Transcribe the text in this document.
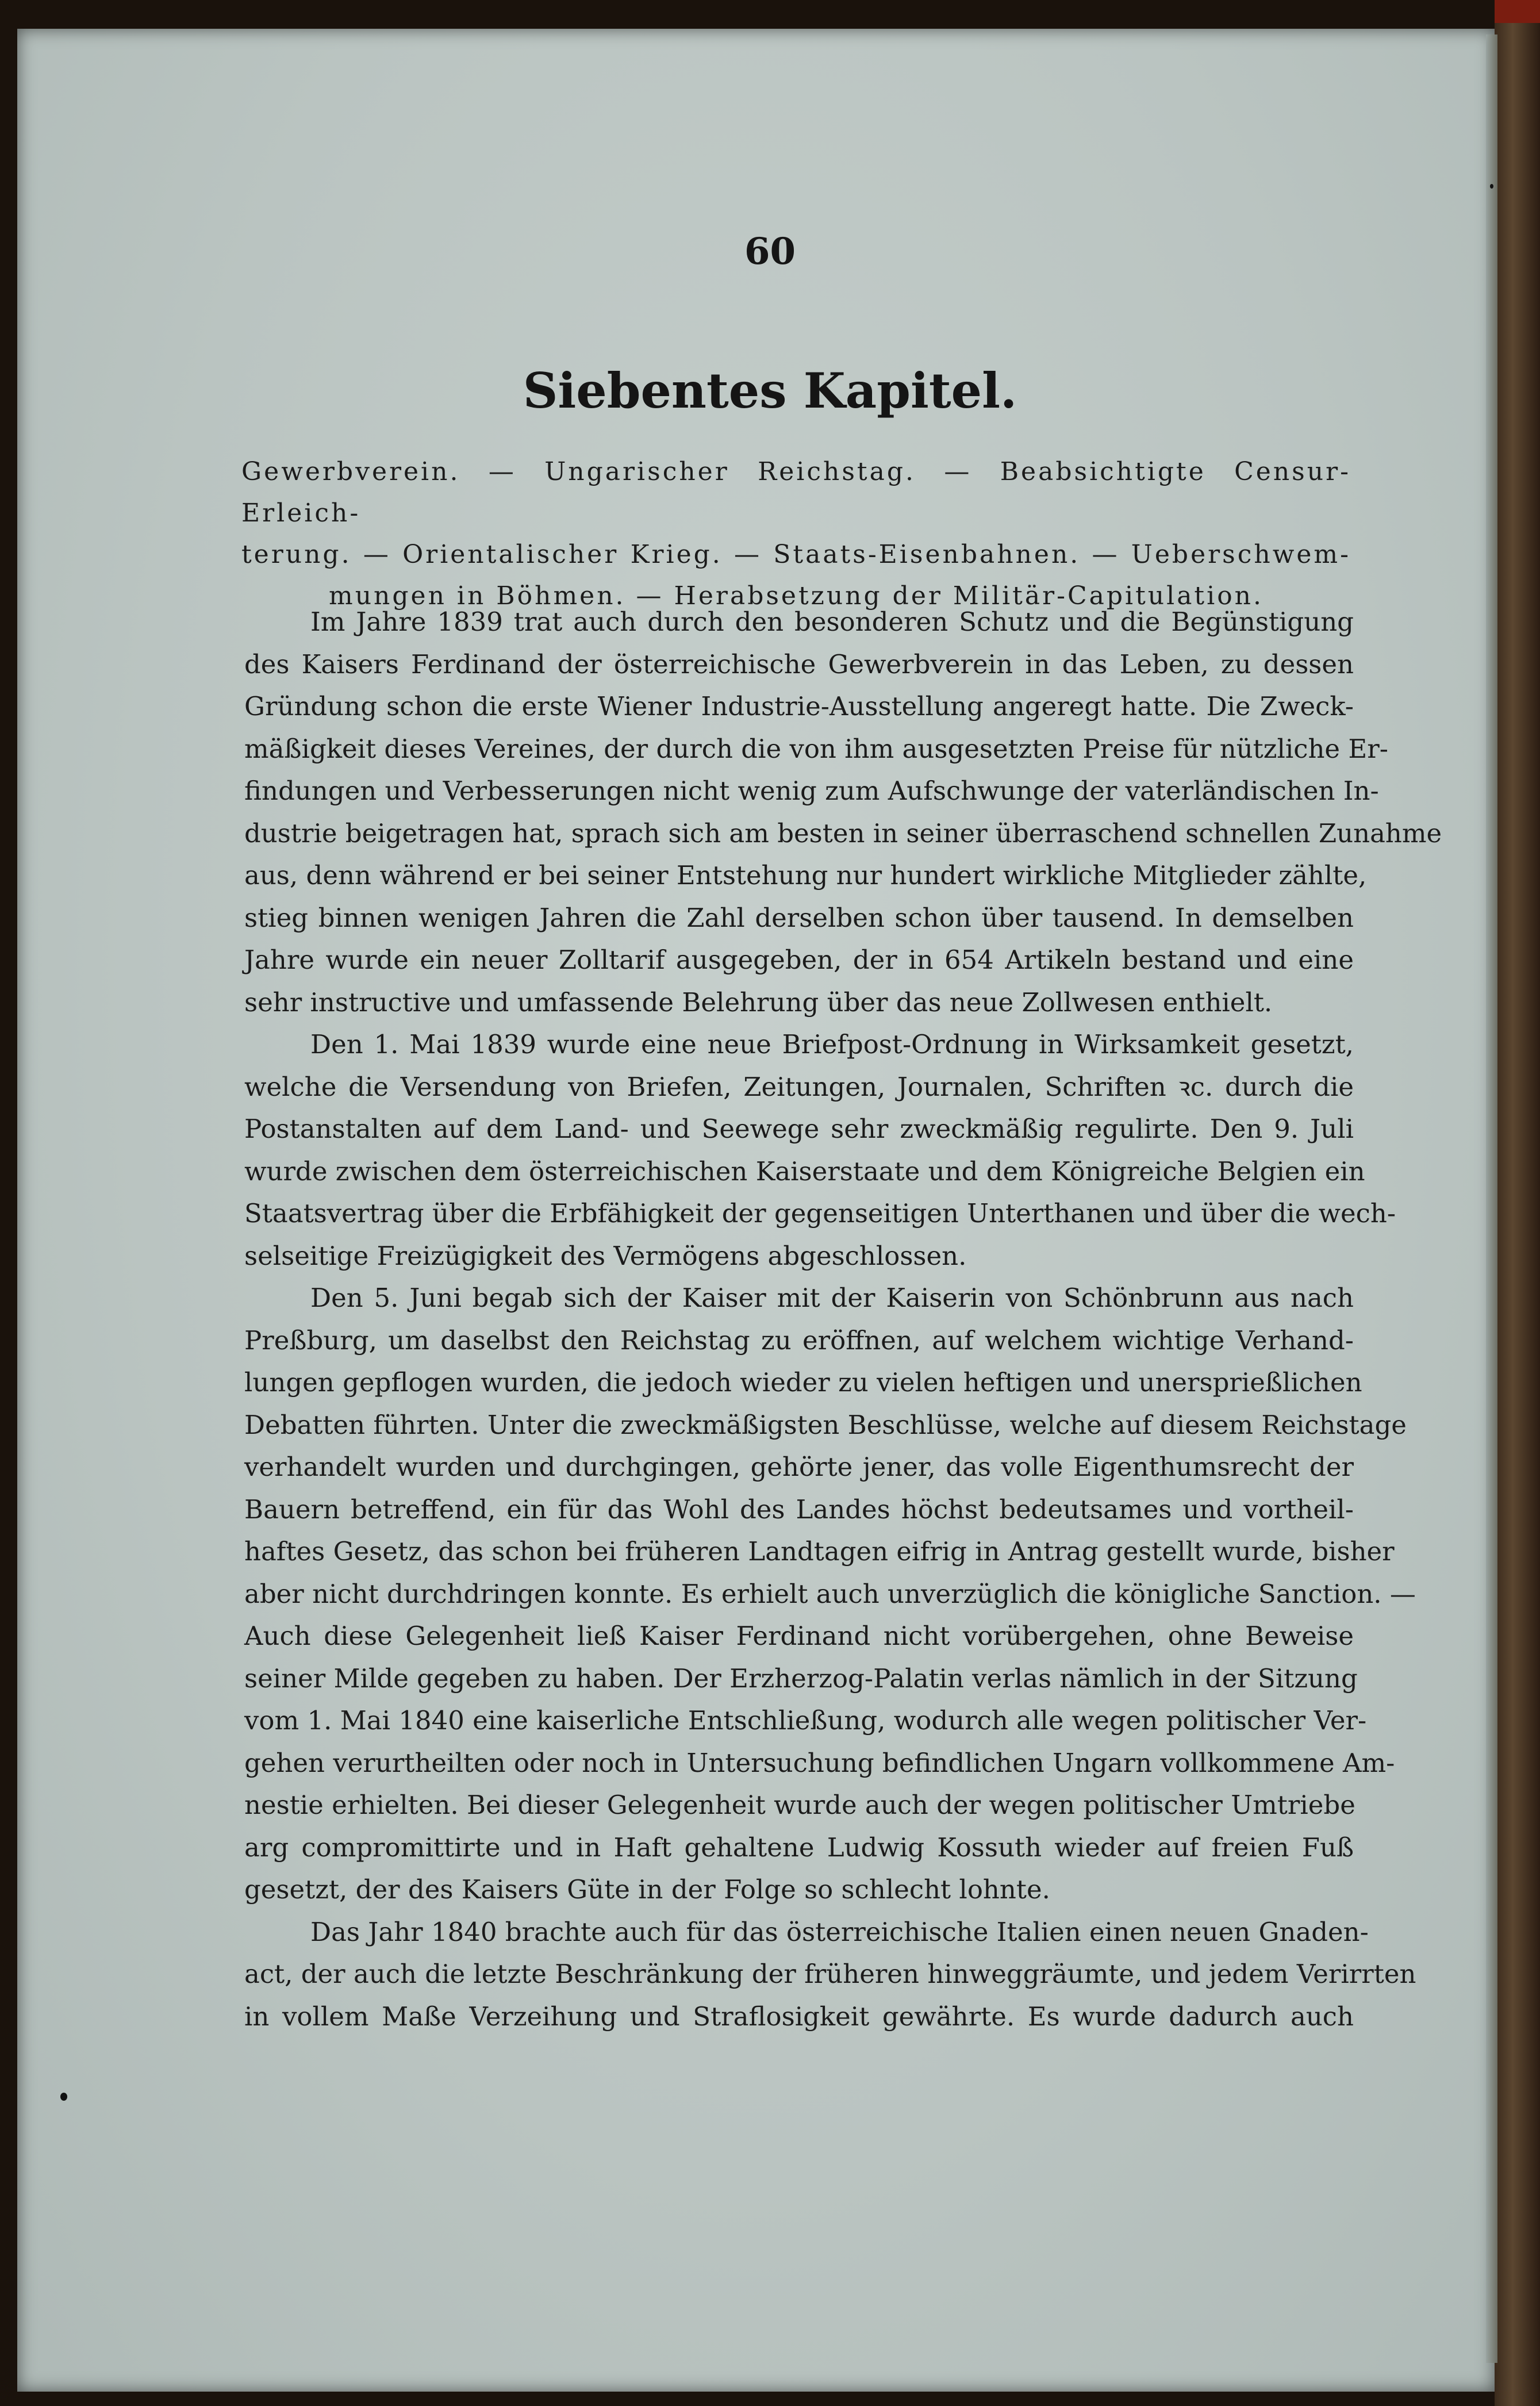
60
Siebentes Kapitel.
Gewerbverein. — Ungarischer Reichstag. — Beabsichtigte Censur-Erleich-
terung. — Orientalischer Krieg. — Staats-Eisenbahnen. — Ueberschwem-
mungen in Böhmen. — Herabsetzung der Militär-Capitulation.
Im Jahre 1839 trat auch durch den besonderen Schutz und die Begünstigung
des Kaisers Ferdinand der österreichische Gewerbverein in das Leben, zu dessen
Gründung schon die erste Wiener Industrie-Ausstellung angeregt hatte. Die Zweck-
mäßigkeit dieses Vereines, der durch die von ihm ausgesetzten Preise für nützliche Er-
findungen und Verbesserungen nicht wenig zum Aufschwunge der vaterländischen In-
dustrie beigetragen hat, sprach sich am besten in seiner überraschend schnellen Zunahme
aus, denn während er bei seiner Entstehung nur hundert wirkliche Mitglieder zählte,
stieg binnen wenigen Jahren die Zahl derselben schon über tausend. In demselben
Jahre wurde ein neuer Zolltarif ausgegeben, der in 654 Artikeln bestand und eine
sehr instructive und umfassende Belehrung über das neue Zollwesen enthielt.
Den 1. Mai 1839 wurde eine neue Briefpost-Ordnung in Wirksamkeit gesetzt,
welche die Versendung von Briefen, Zeitungen, Journalen, Schriften ꝛc. durch die
Postanstalten auf dem Land- und Seewege sehr zweckmäßig regulirte. Den 9. Juli
wurde zwischen dem österreichischen Kaiserstaate und dem Königreiche Belgien ein
Staatsvertrag über die Erbfähigkeit der gegenseitigen Unterthanen und über die wech-
selseitige Freizügigkeit des Vermögens abgeschlossen.
Den 5. Juni begab sich der Kaiser mit der Kaiserin von Schönbrunn aus nach
Preßburg, um daselbst den Reichstag zu eröffnen, auf welchem wichtige Verhand-
lungen gepflogen wurden, die jedoch wieder zu vielen heftigen und unersprießlichen
Debatten führten. Unter die zweckmäßigsten Beschlüsse, welche auf diesem Reichstage
verhandelt wurden und durchgingen, gehörte jener, das volle Eigenthumsrecht der
Bauern betreffend, ein für das Wohl des Landes höchst bedeutsames und vortheil-
haftes Gesetz, das schon bei früheren Landtagen eifrig in Antrag gestellt wurde, bisher
aber nicht durchdringen konnte. Es erhielt auch unverzüglich die königliche Sanction. —
Auch diese Gelegenheit ließ Kaiser Ferdinand nicht vorübergehen, ohne Beweise
seiner Milde gegeben zu haben. Der Erzherzog-Palatin verlas nämlich in der Sitzung
vom 1. Mai 1840 eine kaiserliche Entschließung, wodurch alle wegen politischer Ver-
gehen verurtheilten oder noch in Untersuchung befindlichen Ungarn vollkommene Am-
nestie erhielten. Bei dieser Gelegenheit wurde auch der wegen politischer Umtriebe
arg compromittirte und in Haft gehaltene Ludwig Kossuth wieder auf freien Fuß
gesetzt, der des Kaisers Güte in der Folge so schlecht lohnte.
Das Jahr 1840 brachte auch für das österreichische Italien einen neuen Gnaden-
act, der auch die letzte Beschränkung der früheren hinweggräumte, und jedem Verirrten
in vollem Maße Verzeihung und Straflosigkeit gewährte. Es wurde dadurch auch
